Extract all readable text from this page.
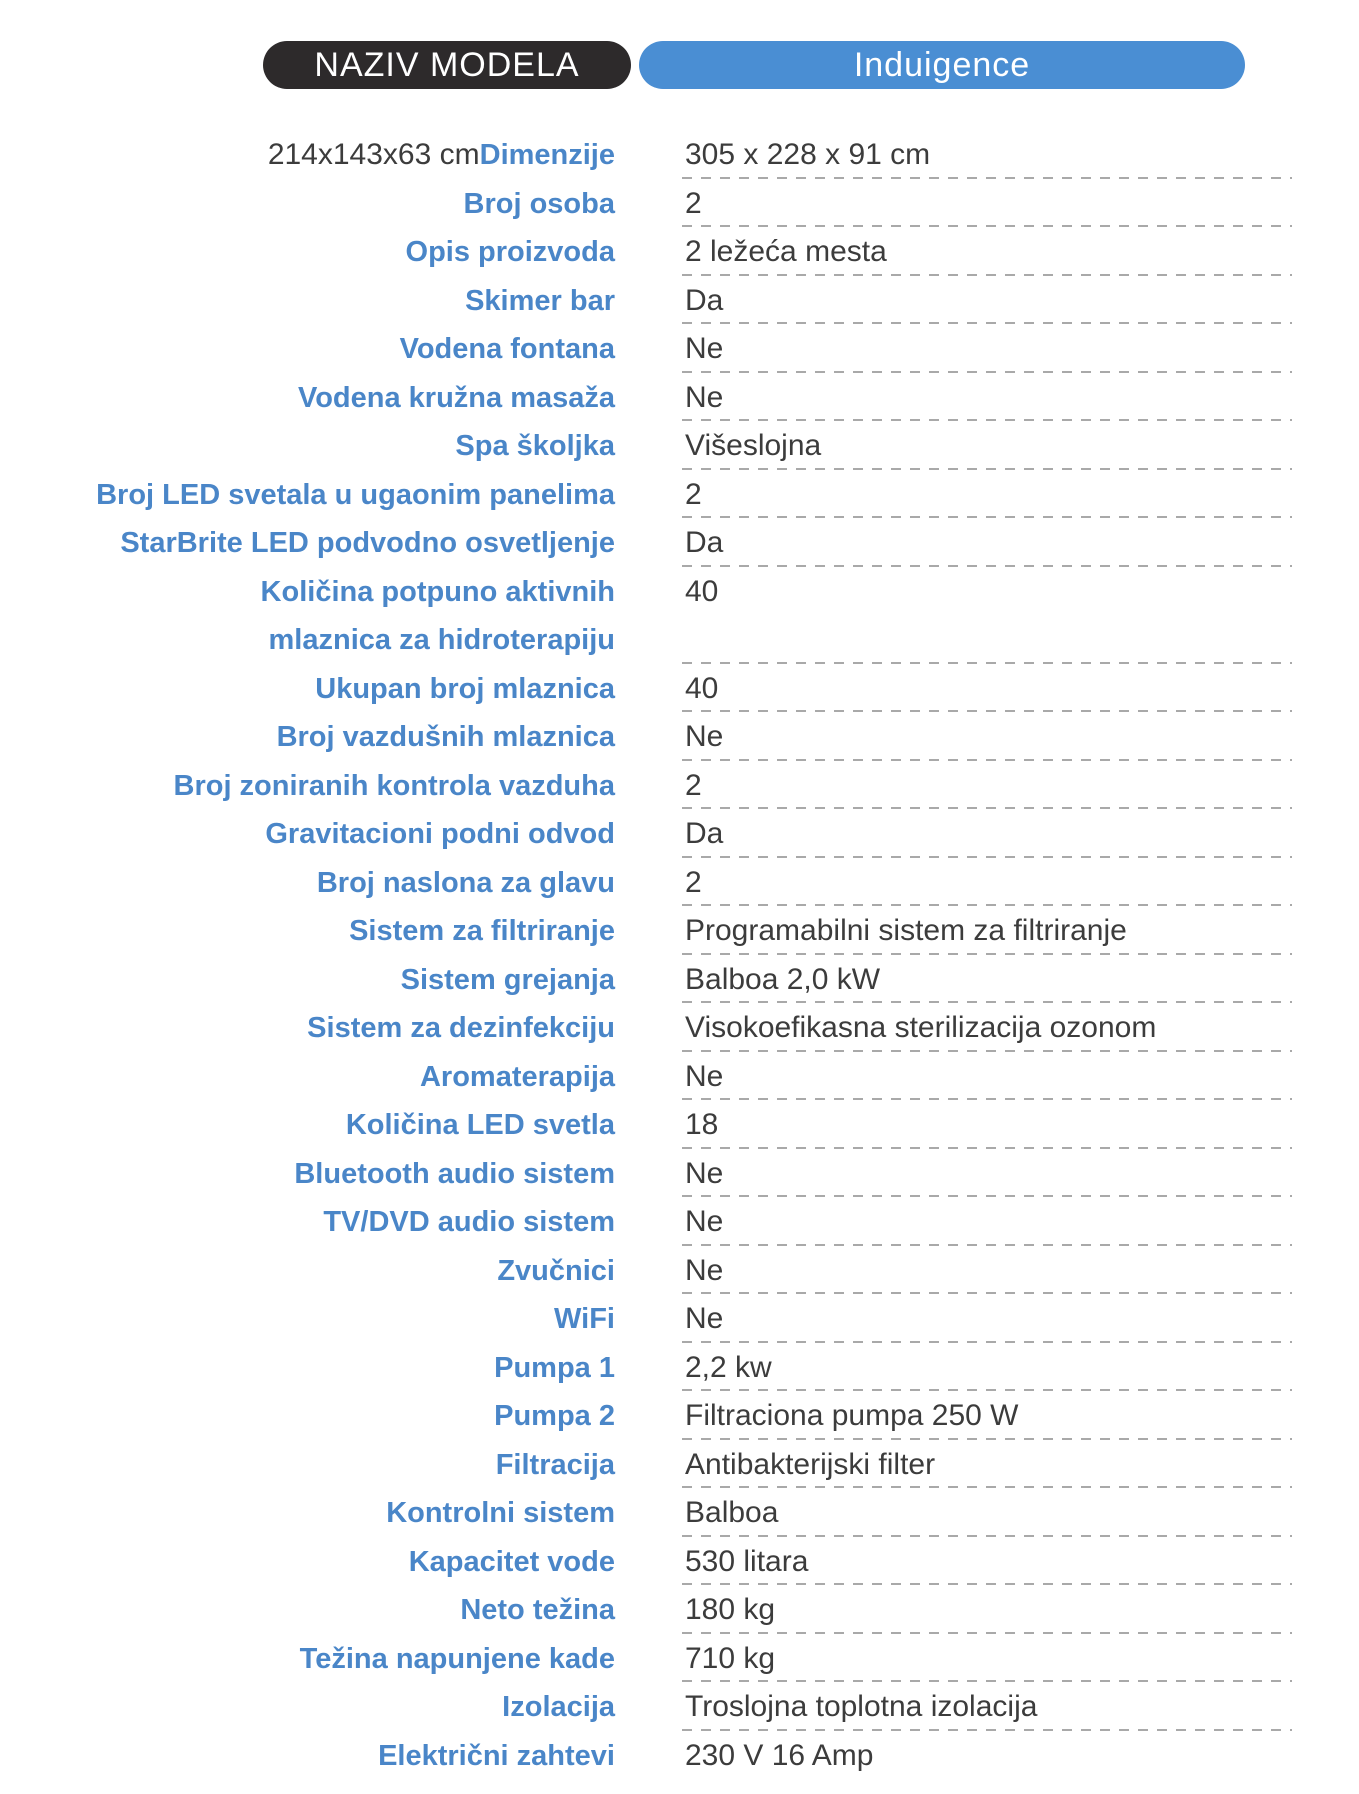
NAZIV MODELA	Induigence
214x143x63 cmDimenzije 305 x 228 x 91 cm
Broj osoba 2
Opis proizvoda 2 ležeća mesta
Skimer bar Da
Vodena fontana Ne
Vodena kružna masaža Ne
Spa školjka Višeslojna
Broj LED svetala u ugaonim panelima 2
StarBrite LED podvodno osvetljenje Da
Količina potpuno aktivnih
mlaznica za hidroterapiju
40
Ukupan broj mlaznica 40
Broj vazdušnih mlaznica Ne
Broj zoniranih kontrola vazduha 2
Gravitacioni podni odvod Da
Broj naslona za glavu 2
Sistem za filtriranje Programabilni sistem za filtriranje
Sistem grejanja Balboa 2,0 kW
Sistem za dezinfekciju Visokoefikasna sterilizacija ozonom
Aromaterapija Ne
Količina LED svetla 18
Bluetooth audio sistem Ne
TV/DVD audio sistem Ne
Zvučnici Ne
WiFi Ne
Pumpa 1 2,2 kw
Pumpa 2 Filtraciona pumpa 250 W
Filtracija Antibakterijski filter
Kontrolni sistem Balboa
Kapacitet vode 530 litara
Neto težina 180 kg
Težina napunjene kade 710 kg
Izolacija Troslojna toplotna izolacija
Električni zahtevi 230 V 16 Amp
